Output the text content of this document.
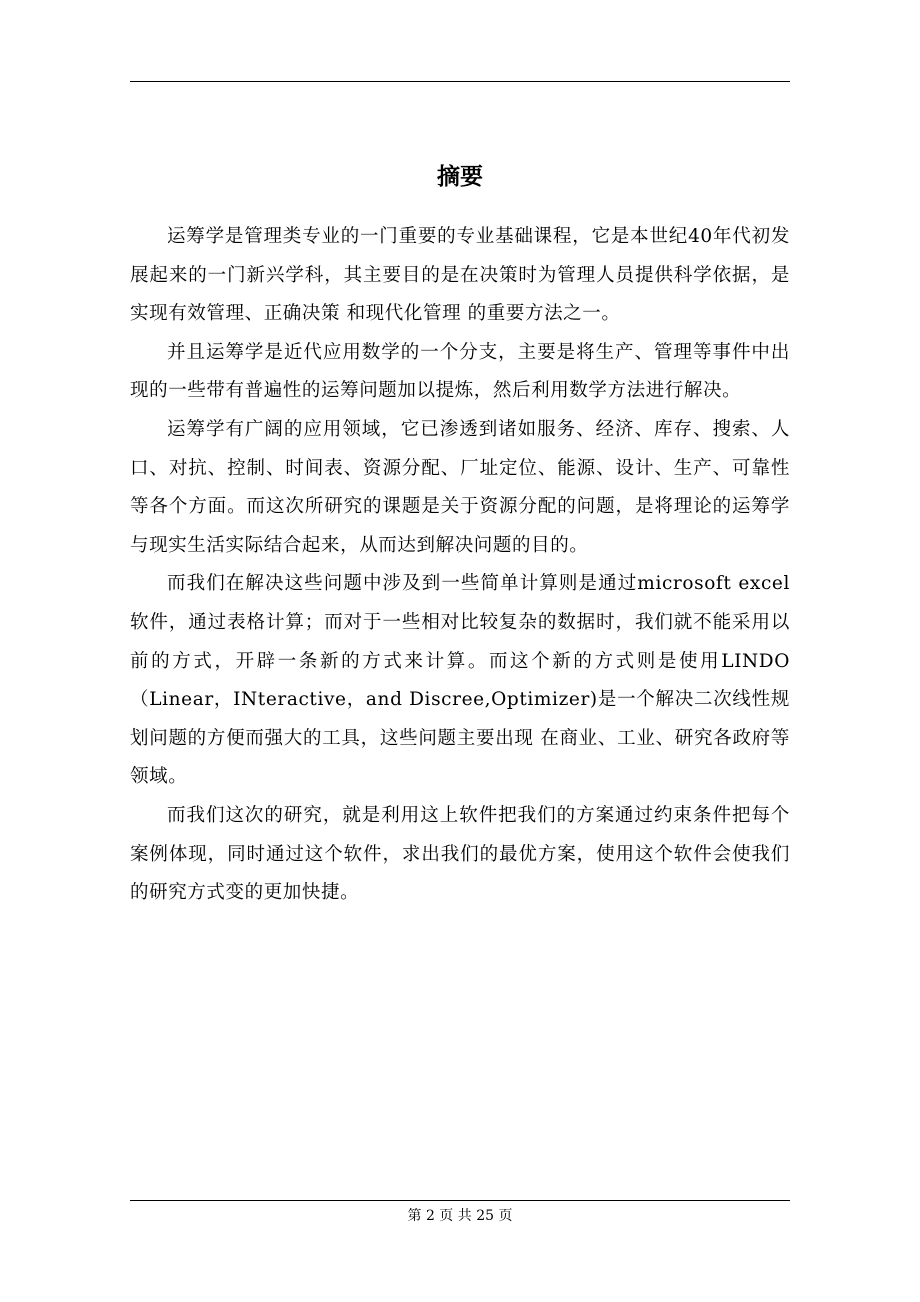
摘要

运筹学是管理类专业的一门重要的专业基础课程，它是本世纪40年代初发展起来的一门新兴学科，其主要目的是在决策时为管理人员提供科学依据，是实现有效管理、正确决策 和现代化管理 的重要方法之一。

并且运筹学是近代应用数学的一个分支，主要是将生产、管理等事件中出现的一些带有普遍性的运筹问题加以提炼，然后利用数学方法进行解决。

运筹学有广阔的应用领域，它已渗透到诸如服务、经济、库存、搜索、人口、对抗、控制、时间表、资源分配、厂址定位、能源、设计、生产、可靠性等各个方面。而这次所研究的课题是关于资源分配的问题，是将理论的运筹学与现实生活实际结合起来，从而达到解决问题的目的。

而我们在解决这些问题中涉及到一些简单计算则是通过microsoft excel软件，通过表格计算；而对于一些相对比较复杂的数据时，我们就不能采用以前的方式，开辟一条新的方式来计算。而这个新的方式则是使用LINDO（Linear，INteractive，and Discree,Optimizer)是一个解决二次线性规划问题的方便而强大的工具，这些问题主要出现 在商业、工业、研究各政府等领域。

而我们这次的研究，就是利用这上软件把我们的方案通过约束条件把每个案例体现，同时通过这个软件，求出我们的最优方案，使用这个软件会使我们的研究方式变的更加快捷。

第 2 页 共 25 页
